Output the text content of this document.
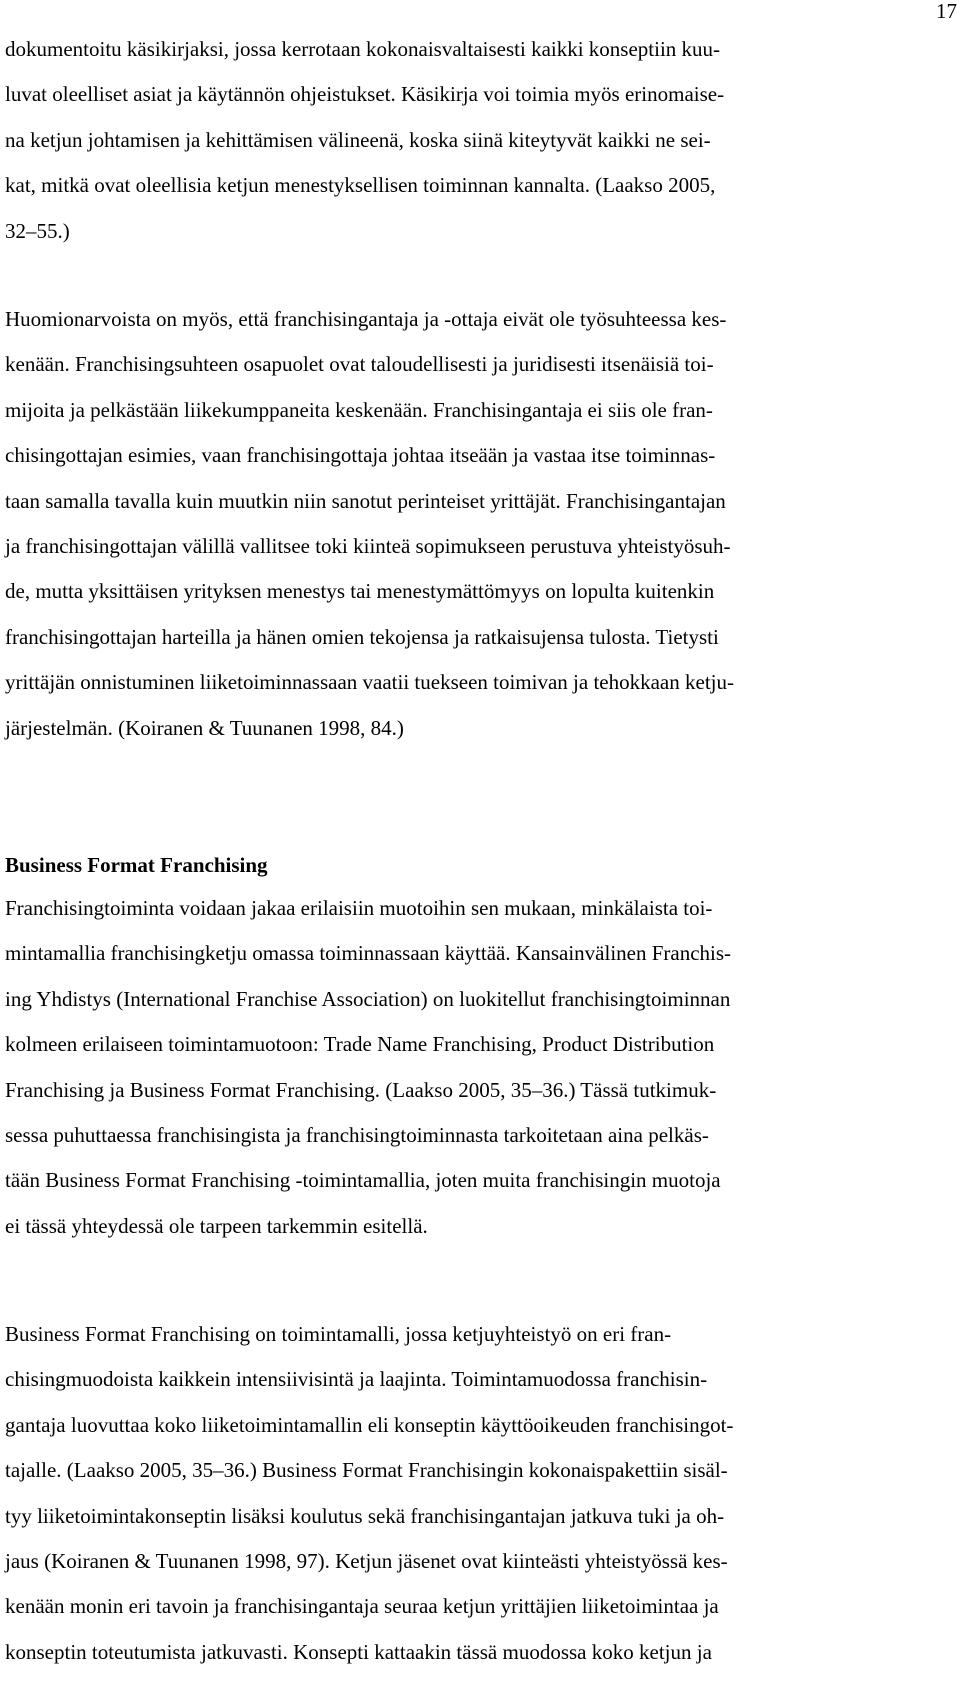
17
dokumentoitu käsikirjaksi, jossa kerrotaan kokonaisvaltaisesti kaikki konseptiin kuu-
luvat oleelliset asiat ja käytännön ohjeistukset. Käsikirja voi toimia myös erinomaise-
na ketjun johtamisen ja kehittämisen välineenä, koska siinä kiteytyvät kaikki ne sei-
kat, mitkä ovat oleellisia ketjun menestyksellisen toiminnan kannalta. (Laakso 2005,
32–55.)
Huomionarvoista on myös, että franchisingantaja ja -ottaja eivät ole työsuhteessa kes-
kenään. Franchisingsuhteen osapuolet ovat taloudellisesti ja juridisesti itsenäisiä toi-
mijoita ja pelkästään liikekumppaneita keskenään. Franchisingantaja ei siis ole fran-
chisingottajan esimies, vaan franchisingottaja johtaa itseään ja vastaa itse toiminnas-
taan samalla tavalla kuin muutkin niin sanotut perinteiset yrittäjät. Franchisingantajan
ja franchisingottajan välillä vallitsee toki kiinteä sopimukseen perustuva yhteistyösuh-
de, mutta yksittäisen yrityksen menestys tai menestymättömyys on lopulta kuitenkin
franchisingottajan harteilla ja hänen omien tekojensa ja ratkaisujensa tulosta. Tietysti
yrittäjän onnistuminen liiketoiminnassaan vaatii tuekseen toimivan ja tehokkaan ketju-
järjestelmän. (Koiranen & Tuunanen 1998, 84.)
Business Format Franchising
Franchisingtoiminta voidaan jakaa erilaisiin muotoihin sen mukaan, minkälaista toi-
mintamallia franchisingketju omassa toiminnassaan käyttää. Kansainvälinen Franchis-
ing Yhdistys (International Franchise Association) on luokitellut franchisingtoiminnan
kolmeen erilaiseen toimintamuotoon: Trade Name Franchising, Product Distribution
Franchising ja Business Format Franchising. (Laakso 2005, 35–36.) Tässä tutkimuk-
sessa puhuttaessa franchisingista ja franchisingtoiminnasta tarkoitetaan aina pelkäs-
tään Business Format Franchising -toimintamallia, joten muita franchisingin muotoja
ei tässä yhteydessä ole tarpeen tarkemmin esitellä.
Business Format Franchising on toimintamalli, jossa ketjuyhteistyö on eri fran-
chisingmuodoista kaikkein intensiivisintä ja laajinta. Toimintamuodossa franchisin-
gantaja luovuttaa koko liiketoimintamallin eli konseptin käyttöoikeuden franchisingot-
tajalle. (Laakso 2005, 35–36.) Business Format Franchisingin kokonaispakettiin sisäl-
tyy liiketoimintakonseptin lisäksi koulutus sekä franchisingantajan jatkuva tuki ja oh-
jaus (Koiranen & Tuunanen 1998, 97). Ketjun jäsenet ovat kiinteästi yhteistyössä kes-
kenään monin eri tavoin ja franchisingantaja seuraa ketjun yrittäjien liiketoimintaa ja
konseptin toteutumista jatkuvasti. Konsepti kattaakin tässä muodossa koko ketjun ja
